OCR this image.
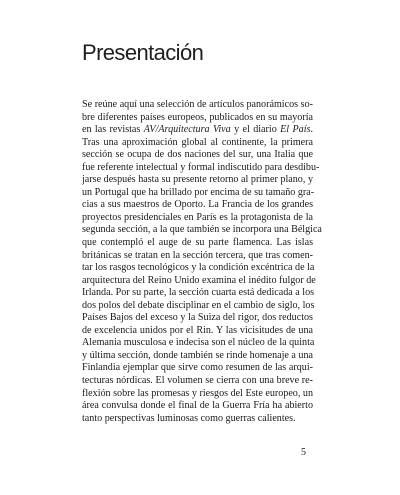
Presentación
Se reúne aquí una selección de artículos panorámicos so-
bre diferentes países europeos, publicados en su mayoría
en las revistas AV/Arquitectura Viva y el diario El País.
Tras una aproximación global al continente, la primera
sección se ocupa de dos naciones del sur, una Italia que
fue referente intelectual y formal indiscutido para desdibu-
jarse después hasta su presente retorno al primer plano, y
un Portugal que ha brillado por encima de su tamaño gra-
cias a sus maestros de Oporto. La Francia de los grandes
proyectos presidenciales en París es la protagonista de la
segunda sección, a la que también se incorpora una Bélgica
que contempló el auge de su parte flamenca. Las islas
británicas se tratan en la sección tercera, que tras comen-
tar los rasgos tecnológicos y la condición excéntrica de la
arquitectura del Reino Unido examina el inédito fulgor de
Irlanda. Por su parte, la sección cuarta está dedicada a los
dos polos del debate disciplinar en el cambio de siglo, los
Países Bajos del exceso y la Suiza del rigor, dos reductos
de excelencia unidos por el Rin. Y las vicisitudes de una
Alemania musculosa e indecisa son el núcleo de la quinta
y última sección, donde también se rinde homenaje a una
Finlandia ejemplar que sirve como resumen de las arqui-
tecturas nórdicas. El volumen se cierra con una breve re-
flexión sobre las promesas y riesgos del Este europeo, un
área convulsa donde el final de la Guerra Fría ha abierto
tanto perspectivas luminosas como guerras calientes.
5
